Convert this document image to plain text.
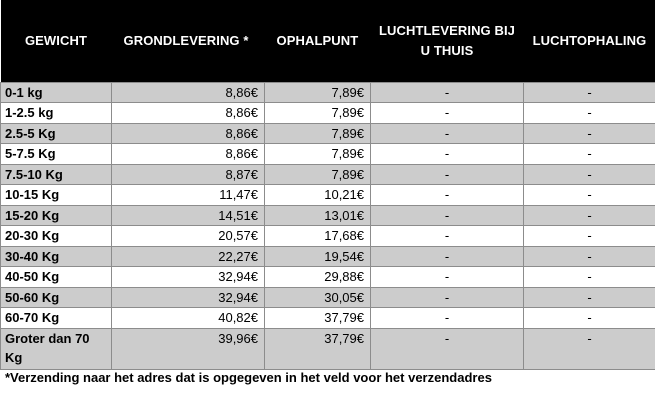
GEWICHT	GRONDLEVERING *	OPHALPUNT	LUCHTLEVERING BIJ U THUIS	LUCHTOPHALING
0-1 kg	8,86€	7,89€	-	-
1-2.5 kg	8,86€	7,89€	-	-
2.5-5 Kg	8,86€	7,89€	-	-
5-7.5 Kg	8,86€	7,89€	-	-
7.5-10 Kg	8,87€	7,89€	-	-
10-15 Kg	11,47€	10,21€	-	-
15-20 Kg	14,51€	13,01€	-	-
20-30 Kg	20,57€	17,68€	-	-
30-40 Kg	22,27€	19,54€	-	-
40-50 Kg	32,94€	29,88€	-	-
50-60 Kg	32,94€	30,05€	-	-
60-70 Kg	40,82€	37,79€	-	-
Groter dan 70 Kg	39,96€	37,79€	-	-
*Verzending naar het adres dat is opgegeven in het veld voor het verzendadres
